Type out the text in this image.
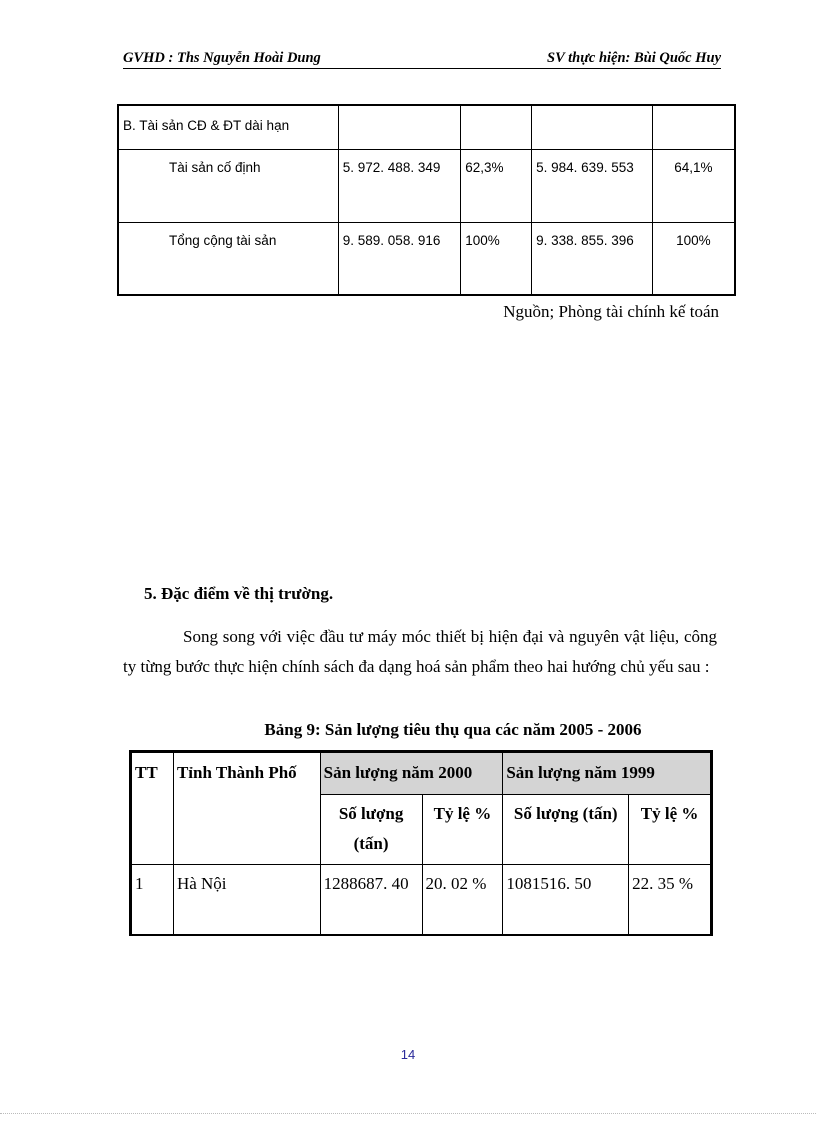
GVHD : Ths Nguyễn Hoài Dung	SV thực hiện: Bùi Quốc Huy
B. Tài sản CĐ & ĐT dài hạn				
Tài sản cố định	5. 972. 488. 349	62,3%	5. 984. 639. 553	64,1%
Tổng cộng tài sản	9. 589. 058. 916	100%	9. 338. 855. 396	100%
Nguồn; Phòng tài chính kế toán
5. Đặc điểm về thị trường.
Song song với việc đầu tư máy móc thiết bị hiện đại và nguyên vật liệu, công ty từng bước thực hiện chính sách đa dạng hoá sản phẩm theo hai hướng chủ yếu sau :
Bảng 9: Sản lượng tiêu thụ qua các năm 2005 - 2006
TT	Tỉnh Thành Phố	Sản lượng năm 2000		Sản lượng năm 1999	
		Số lượng (tấn)	Tỷ lệ %	Số lượng (tấn)	Tỷ lệ %
1	Hà Nội	1288687. 40	20. 02 %	1081516. 50	22. 35 %
14
